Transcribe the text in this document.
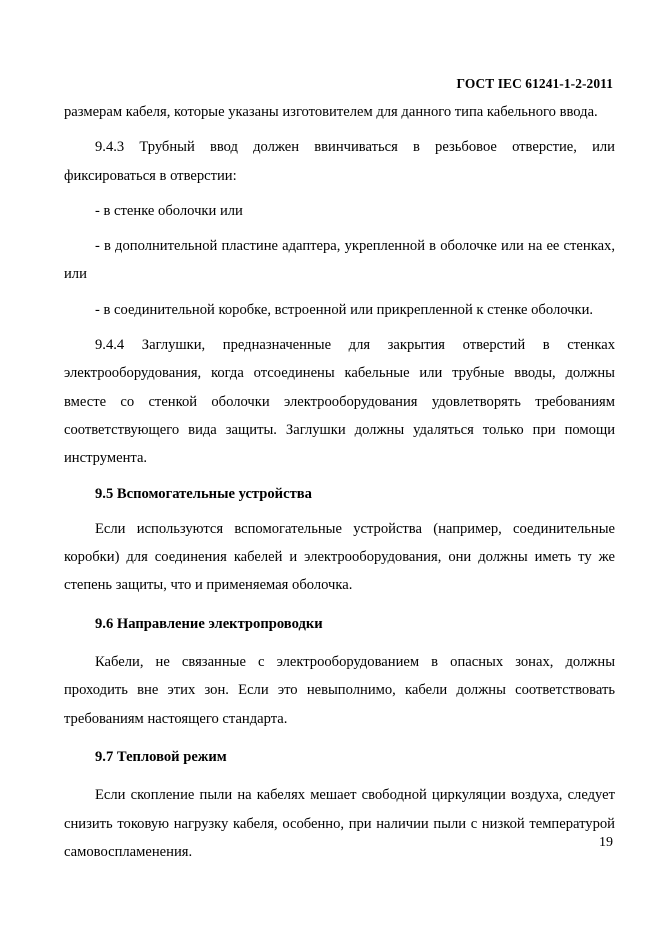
ГОСТ IEC 61241-1-2-2011

размерам кабеля, которые указаны изготовителем для данного типа кабельного ввода.

9.4.3 Трубный ввод должен ввинчиваться в резьбовое отверстие, или фиксироваться в отверстии:

- в стенке оболочки или

- в дополнительной пластине адаптера, укрепленной в оболочке или на ее стенках, или

- в соединительной коробке, встроенной или прикрепленной к стенке оболочки.

9.4.4 Заглушки, предназначенные для закрытия отверстий в стенках электрооборудования, когда отсоединены кабельные или трубные вводы, должны вместе со стенкой оболочки электрооборудования удовлетворять требованиям соответствующего вида защиты. Заглушки должны удаляться только при помощи инструмента.

9.5 Вспомогательные устройства

Если используются вспомогательные устройства (например, соединительные коробки) для соединения кабелей и электрооборудования, они должны иметь ту же степень защиты, что и применяемая оболочка.

9.6 Направление электропроводки

Кабели, не связанные с электрооборудованием в опасных зонах, должны проходить вне этих зон. Если это невыполнимо, кабели должны соответствовать требованиям настоящего стандарта.

9.7 Тепловой режим

Если скопление пыли на кабелях мешает свободной циркуляции воздуха, следует снизить токовую нагрузку кабеля, особенно, при наличии пыли с низкой температурой самовоспламенения.

19
